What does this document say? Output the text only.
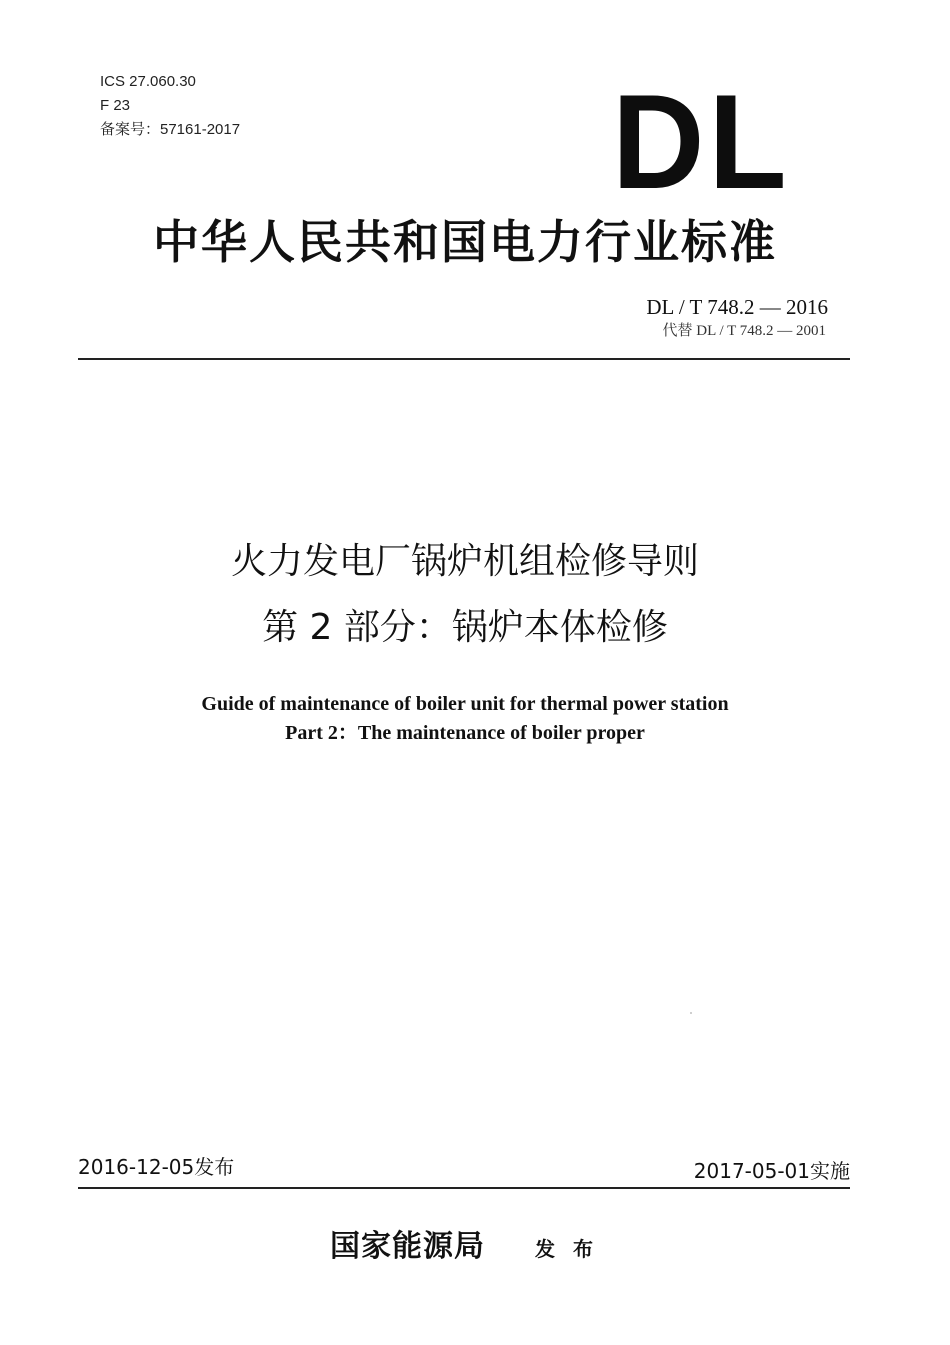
ICS 27.060.30
F 23
备案号：57161-2017	DL
中华人民共和国电力行业标准
DL / T 748.2 — 2016
代替 DL / T 748.2 — 2001
火力发电厂锅炉机组检修导则
第 2 部分：锅炉本体检修
Guide of maintenance of boiler unit for thermal power station
Part 2：The maintenance of boiler proper
2016-12-05发布	2017-05-01实施
国家能源局	发布
